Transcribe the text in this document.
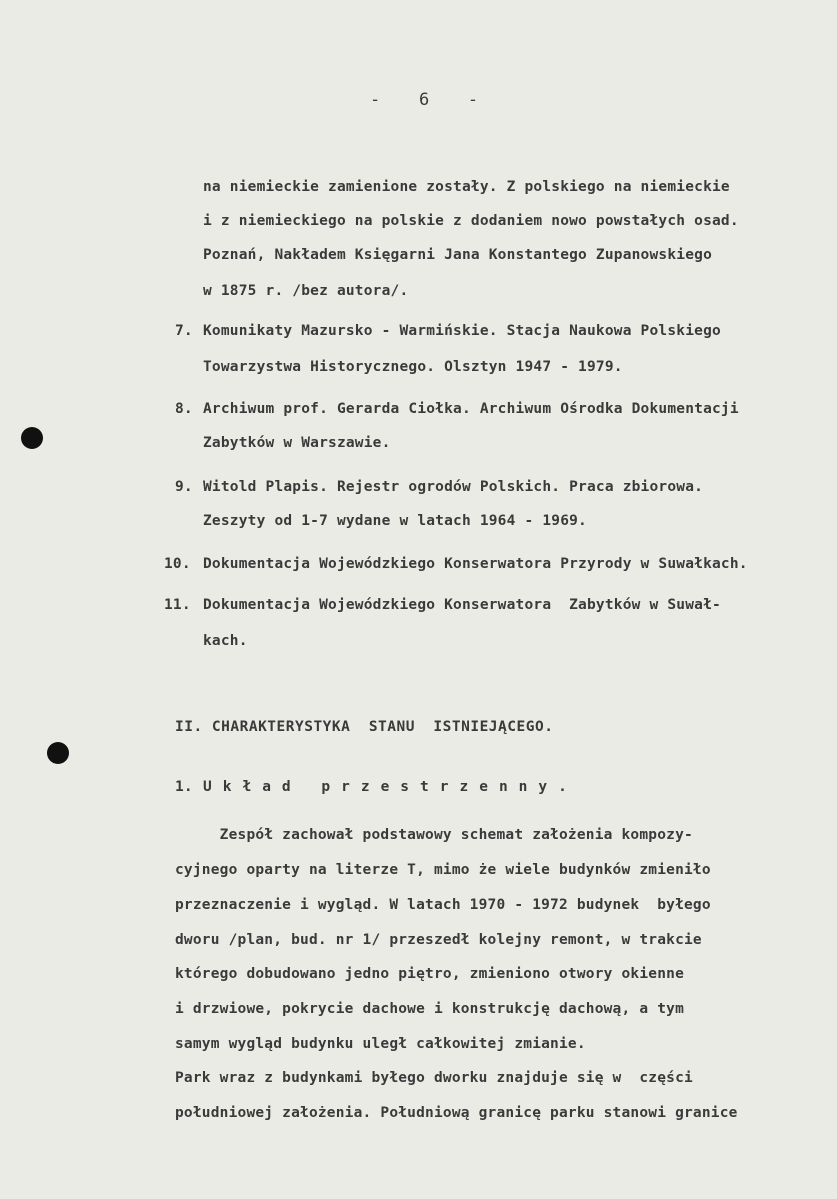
-   6   -
na niemieckie zamienione zostały. Z polskiego na niemieckie
i z niemieckiego na polskie z dodaniem nowo powstałych osad.
Poznań, Nakładem Księgarni Jana Konstantego Zupanowskiego
w 1875 r. /bez autora/.
7. Komunikaty Mazursko - Warmińskie. Stacja Naukowa Polskiego
Towarzystwa Historycznego. Olsztyn 1947 - 1979.
8. Archiwum prof. Gerarda Ciołka. Archiwum Ośrodka Dokumentacji
Zabytków w Warszawie.
9. Witold Plapis. Rejestr ogrodów Polskich. Praca zbiorowa.
Zeszyty od 1-7 wydane w latach 1964 - 1969.
10. Dokumentacja Wojewódzkiego Konserwatora Przyrody w Suwałkach.
11. Dokumentacja Wojewódzkiego Konserwatora  Zabytków w Suwał-
kach.
II. CHARAKTERYSTYKA  STANU  ISTNIEJĄCEGO.
1. Układ przestrzenny.
Zespół zachował podstawowy schemat założenia kompozy-
cyjnego oparty na literze T, mimo że wiele budynków zmieniło
przeznaczenie i wygląd. W latach 1970 - 1972 budynek  byłego
dworu /plan, bud. nr 1/ przeszedł kolejny remont, w trakcie
którego dobudowano jedno piętro, zmieniono otwory okienne
i drzwiowe, pokrycie dachowe i konstrukcję dachową, a tym
samym wygląd budynku uległ całkowitej zmianie.
Park wraz z budynkami byłego dworku znajduje się w  części
południowej założenia. Południową granicę parku stanowi granice
